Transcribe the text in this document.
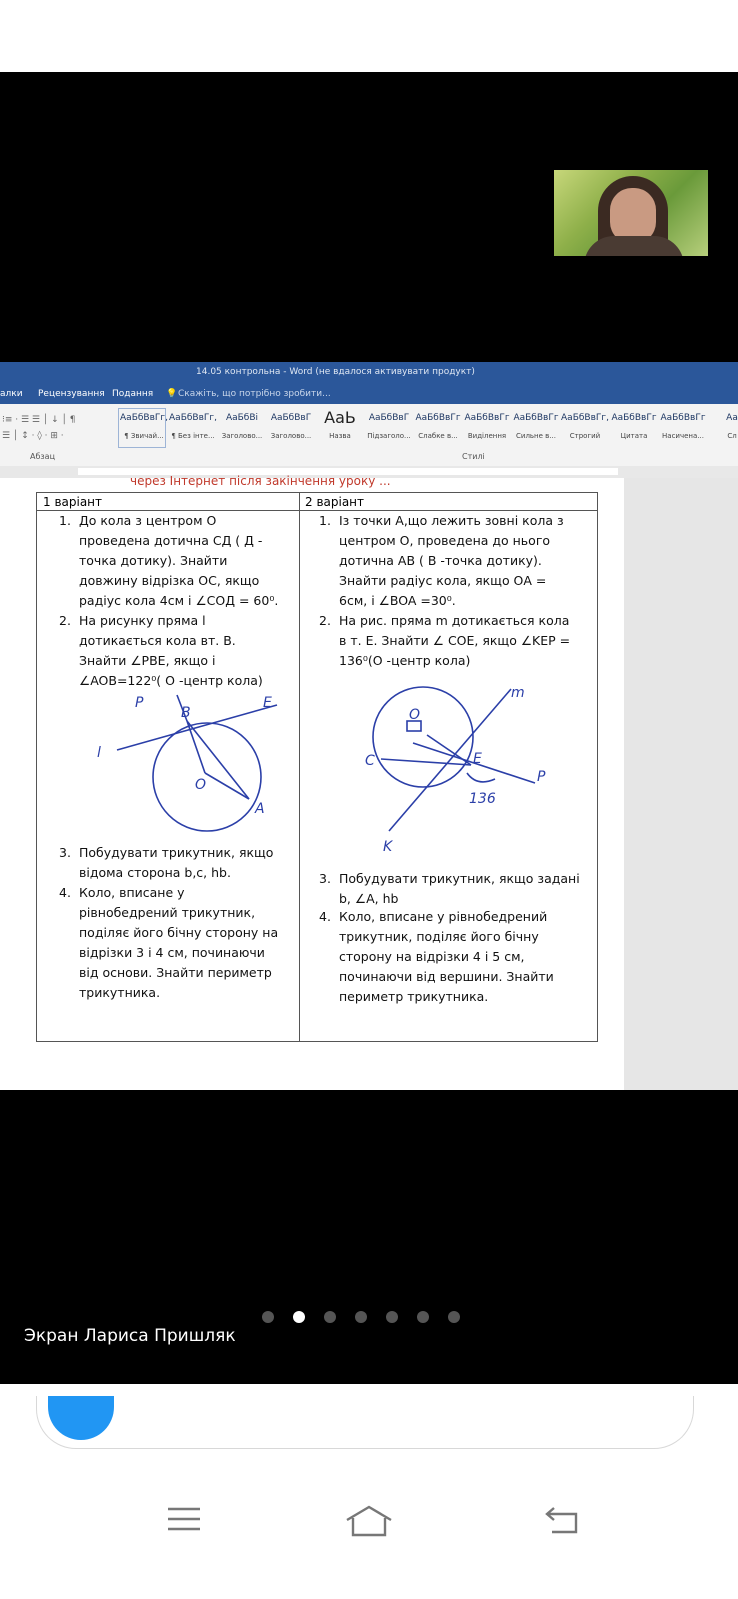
14.05 контрольна - Word (не вдалося активувати продукт)
алки Рецензування Подання 💡 Скажіть, що потрібно зробити...
⁝≡ · ☰ ☰ │ ↓ │ ¶
☰ │ ↕ · ◊ · ⊞ ·
Абзац	Стилі
АаБбВвГг,
¶ Звичай...
АаБбВвГг,
¶ Без інте...
АаБбВі
Заголово...
АаБбВвГ
Заголово...
АаЬ
Назва
АаБбВвГ
Підзаголо...
АаБбВвГг
Слабке в...
АаБбВвГг
Виділення
АаБбВвГг
Сильне в...
АаБбВвГг,
Строгий
АаБбВвГг
Цитата
АаБбВвГг
Насичена...
Аа
Сл
через Інтернет після закінчення уроку ...
1 варіант
1. До кола з центром О
проведена дотична СД ( Д -
точка дотику). Знайти
довжину відрізка ОС, якщо
радіус кола 4см і ∠СОД = 60⁰.
2. На рисунку пряма l
дотикається кола вт. В.
Знайти ∠PBE, якщо і
∠AOB=122⁰( О -центр кола)
P
B
E
l
O
A
3. Побудувати трикутник, якщо
відома сторона b,c, hb.
4. Коло, вписане у
рівнобедрений трикутник,
поділяє його бічну сторону на
відрізки 3 і 4 см, починаючи
від основи. Знайти периметр
трикутника.
2 варіант
1. Із точки А,що лежить зовні кола з
центром О, проведена до нього
дотична АВ ( В -точка дотику).
Знайти радіус кола, якщо ОА =
6см, і ∠BOA =30⁰.
2. На рис. пряма m дотикається кола
в т. Е. Знайти ∠ COE, якщо ∠KEP =
136⁰(О -центр кола)
O
m
C	E
P
136
K
3. Побудувати трикутник, якщо задані
b, ∠A, hb
4. Коло, вписане у рівнобедрений
трикутник, поділяє його бічну
сторону на відрізки 4 і 5 см,
починаючи від вершини. Знайти
периметр трикутника.
Экран Лариса Пришляк
